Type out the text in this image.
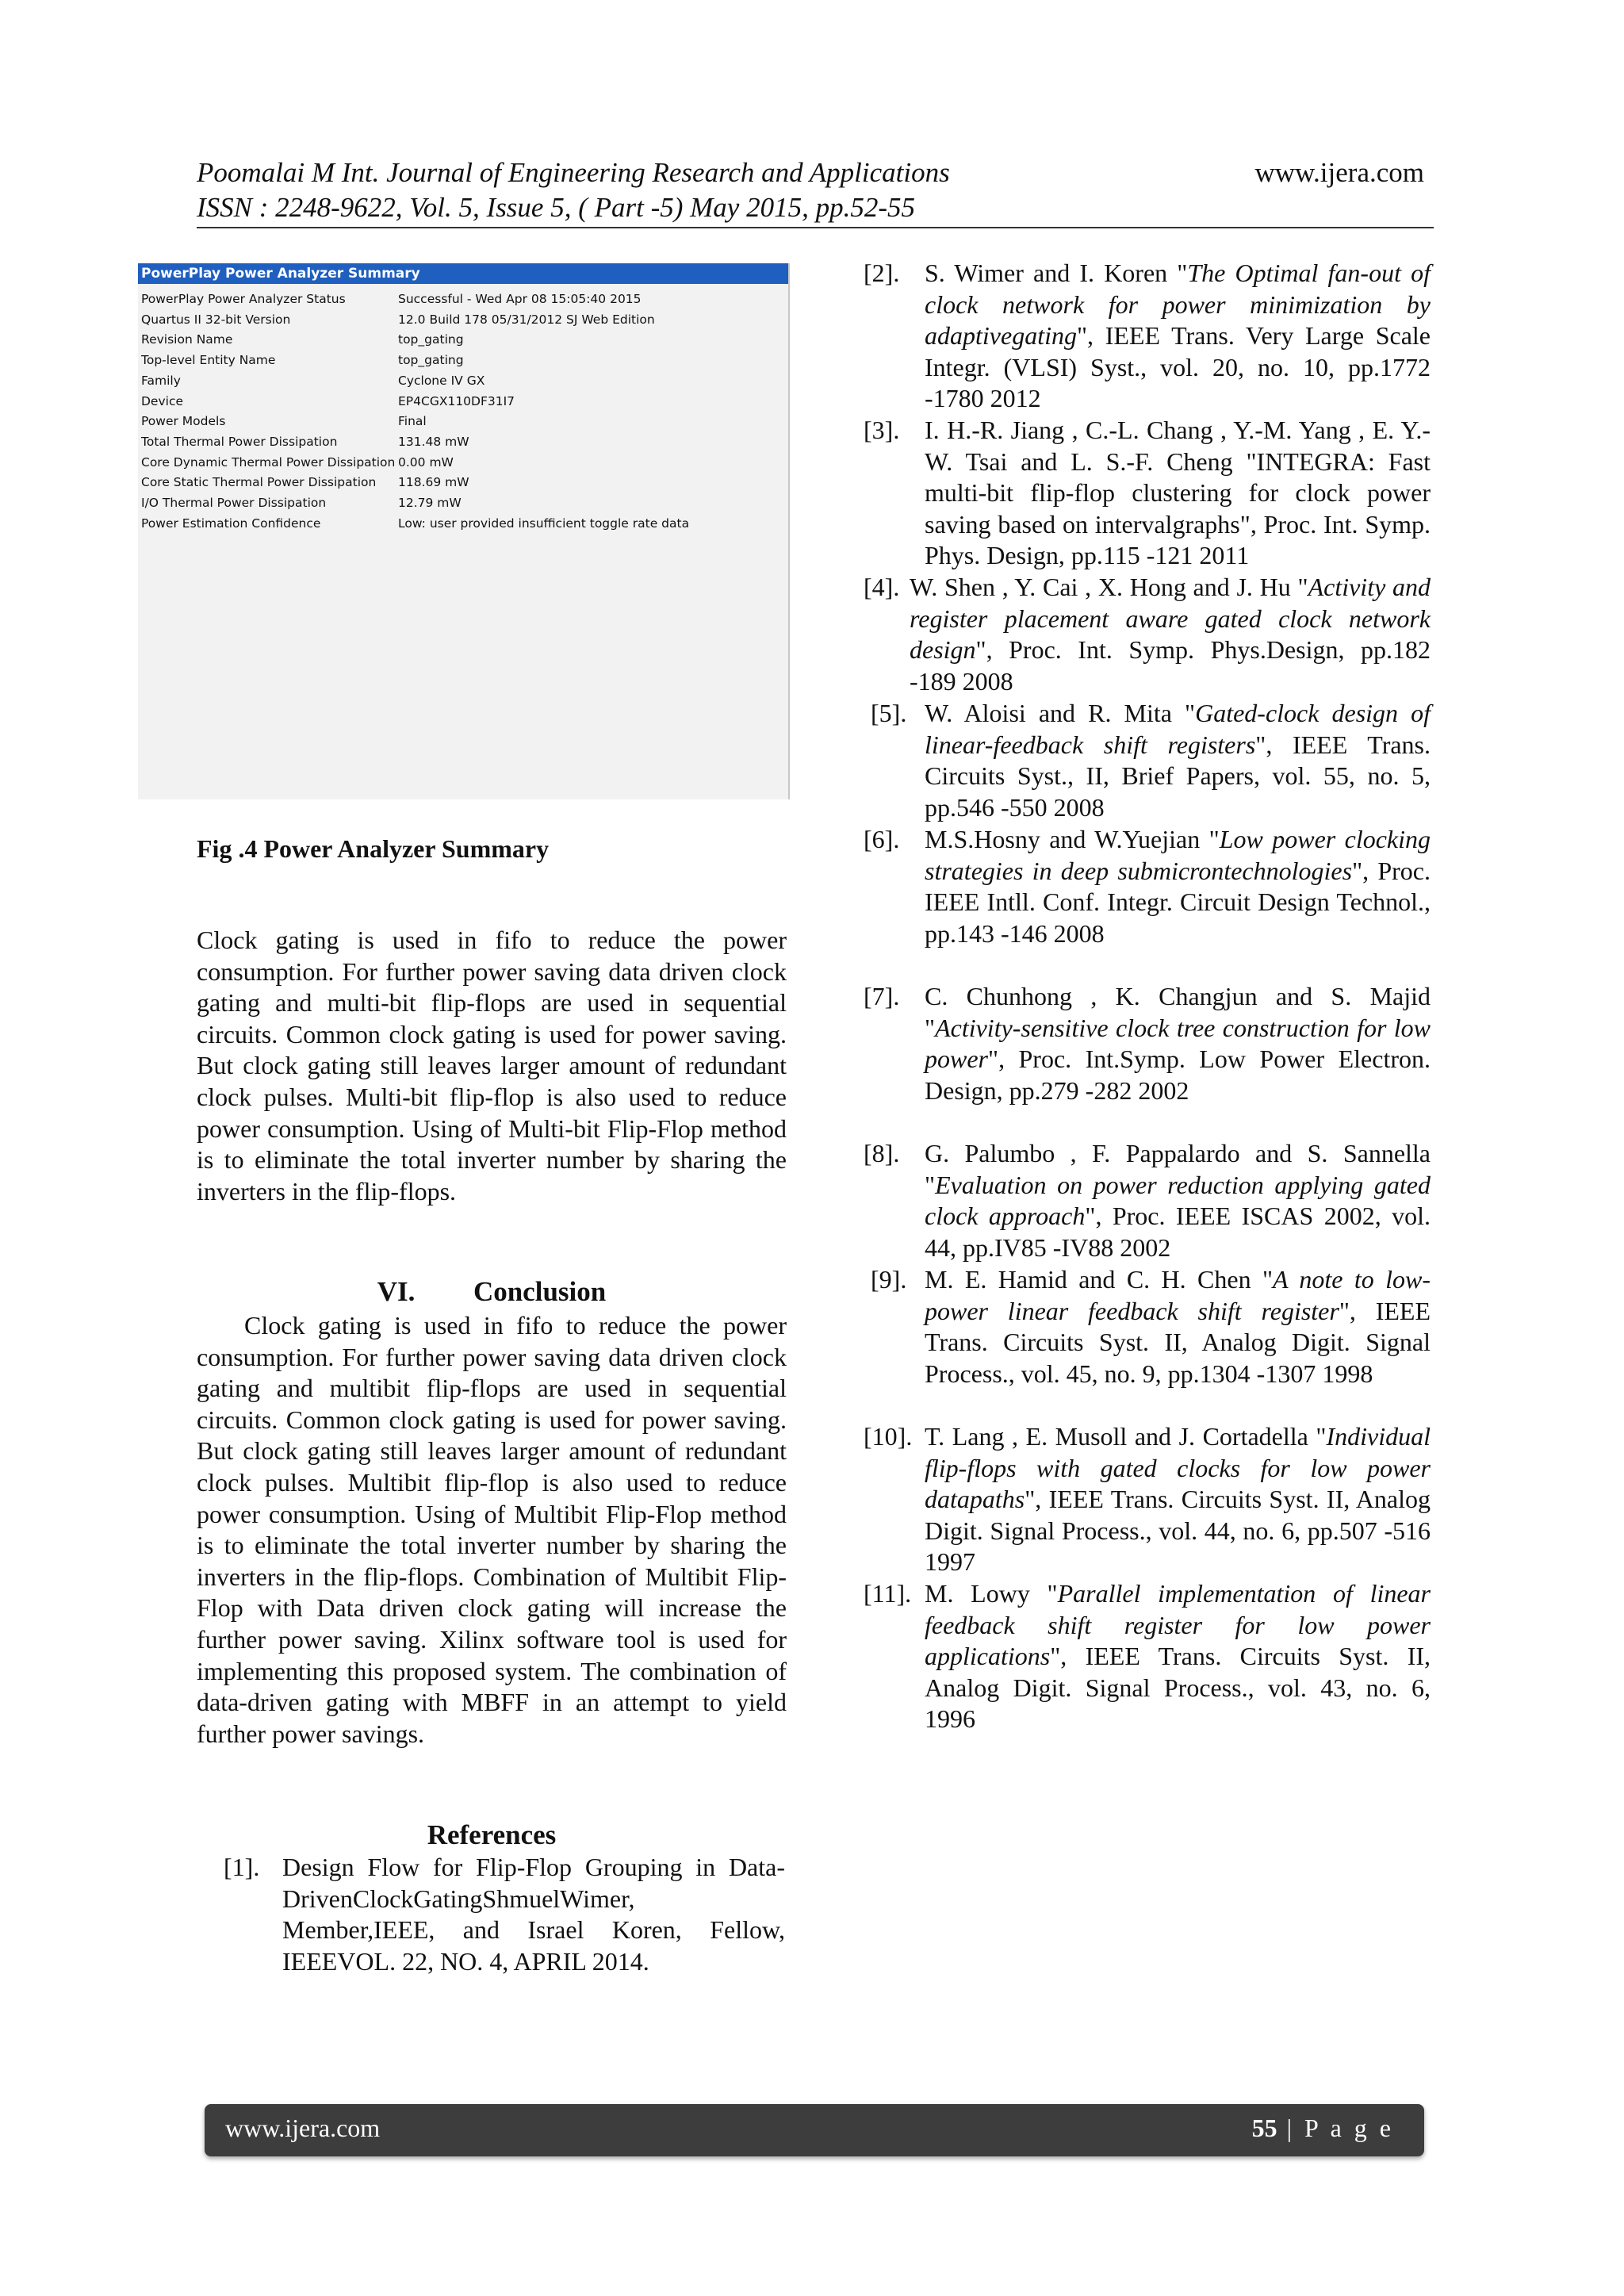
Poomalai M Int. Journal of Engineering Research and Applications
ISSN : 2248-9622, Vol. 5, Issue 5, ( Part -5) May 2015, pp.52-55
www.ijera.com
PowerPlay Power Analyzer Summary
PowerPlay Power Analyzer Status	Successful - Wed Apr 08 15:05:40 2015
Quartus II 32-bit Version	12.0 Build 178 05/31/2012 SJ Web Edition
Revision Name	top_gating
Top-level Entity Name	top_gating
Family	Cyclone IV GX
Device	EP4CGX110DF31I7
Power Models	Final
Total Thermal Power Dissipation	131.48 mW
Core Dynamic Thermal Power Dissipation 0.00 mW
Core Static Thermal Power Dissipation 118.69 mW
I/O Thermal Power Dissipation	12.79 mW
Power Estimation Confidence	Low: user provided insufficient toggle rate data
Fig .4 Power Analyzer Summary

Clock gating is used in fifo to reduce the power consumption. For further power saving data driven clock gating and multi-bit flip-flops are used in sequential circuits. Common clock gating is used for power saving. But clock gating still leaves larger amount of redundant clock pulses. Multi-bit flip-flop is also used to reduce power consumption. Using of Multi-bit Flip-Flop method is to eliminate the total inverter number by sharing the inverters in the flip-flops.

VI. Conclusion

Clock gating is used in fifo to reduce the power consumption. For further power saving data driven clock gating and multibit flip-flops are used in sequential circuits. Common clock gating is used for power saving. But clock gating still leaves larger amount of redundant clock pulses. Multibit flip-flop is also used to reduce power consumption. Using of Multibit Flip-Flop method is to eliminate the total inverter number by sharing the inverters in the flip-flops. Combination of Multibit Flip-Flop with Data driven clock gating will increase the further power saving. Xilinx software tool is used for implementing this proposed system. The combination of data-driven gating with MBFF in an attempt to yield further power savings.

References
[1]. Design Flow for Flip-Flop Grouping in Data-DrivenClockGatingShmuelWimer, Member,IEEE, and Israel Koren, Fellow, IEEEVOL. 22, NO. 4, APRIL 2014.
[2]. S. Wimer and I. Koren "The Optimal fan-out of clock network for power minimization by adaptivegating", IEEE Trans. Very Large Scale Integr. (VLSI) Syst., vol. 20, no. 10, pp.1772 -1780 2012
[3]. I. H.-R. Jiang , C.-L. Chang , Y.-M. Yang , E. Y.-W. Tsai and L. S.-F. Cheng "INTEGRA: Fast multi-bit flip-flop clustering for clock power saving based on intervalgraphs", Proc. Int. Symp. Phys. Design, pp.115 -121 2011
[4]. W. Shen , Y. Cai , X. Hong and J. Hu "Activity and register placement aware gated clock network design", Proc. Int. Symp. Phys.Design, pp.182 -189 2008
[5]. W. Aloisi and R. Mita "Gated-clock design of linear-feedback shift registers", IEEE Trans. Circuits Syst., II, Brief Papers, vol. 55, no. 5, pp.546 -550 2008
[6]. M.S.Hosny and W.Yuejian "Low power clocking strategies in deep submicrontechnologies", Proc. IEEE Intll. Conf. Integr. Circuit Design Technol., pp.143 -146 2008
[7]. C. Chunhong , K. Changjun and S. Majid "Activity-sensitive clock tree construction for low power", Proc. Int.Symp. Low Power Electron. Design, pp.279 -282 2002
[8]. G. Palumbo , F. Pappalardo and S. Sannella "Evaluation on power reduction applying gated clock approach", Proc. IEEE ISCAS 2002, vol. 44, pp.IV85 -IV88 2002
[9]. M. E. Hamid and C. H. Chen "A note to low-power linear feedback shift register", IEEE Trans. Circuits Syst. II, Analog Digit. Signal Process., vol. 45, no. 9, pp.1304 -1307 1998
[10]. T. Lang , E. Musoll and J. Cortadella "Individual flip-flops with gated clocks for low power datapaths", IEEE Trans. Circuits Syst. II, Analog Digit. Signal Process., vol. 44, no. 6, pp.507 -516 1997
[11]. M. Lowy "Parallel implementation of linear feedback shift register for low power applications", IEEE Trans. Circuits Syst. II, Analog Digit. Signal Process., vol. 43, no. 6, 1996
www.ijera.com	55 | P a g e
